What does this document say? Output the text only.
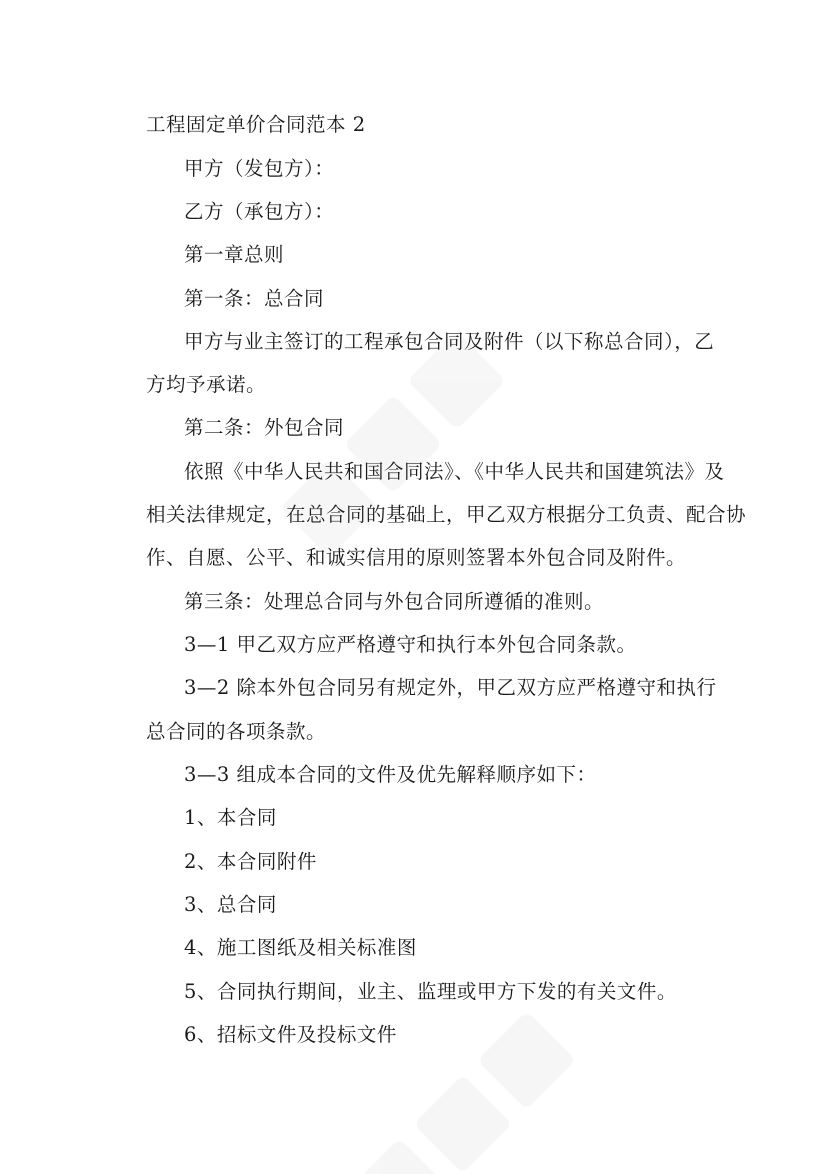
工程固定单价合同范本 2
甲方（发包方）：
乙方（承包方）：
第一章总则
第一条：总合同
甲方与业主签订的工程承包合同及附件（以下称总合同），乙
方均予承诺。
第二条：外包合同
依照《中华人民共和国合同法》、《中华人民共和国建筑法》及
相关法律规定，在总合同的基础上，甲乙双方根据分工负责、配合协
作、自愿、公平、和诚实信用的原则签署本外包合同及附件。
第三条：处理总合同与外包合同所遵循的准则。
3—1 甲乙双方应严格遵守和执行本外包合同条款。
3—2 除本外包合同另有规定外，甲乙双方应严格遵守和执行
总合同的各项条款。
3—3 组成本合同的文件及优先解释顺序如下：
1、本合同
2、本合同附件
3、总合同
4、施工图纸及相关标准图
5、合同执行期间，业主、监理或甲方下发的有关文件。
6、招标文件及投标文件
